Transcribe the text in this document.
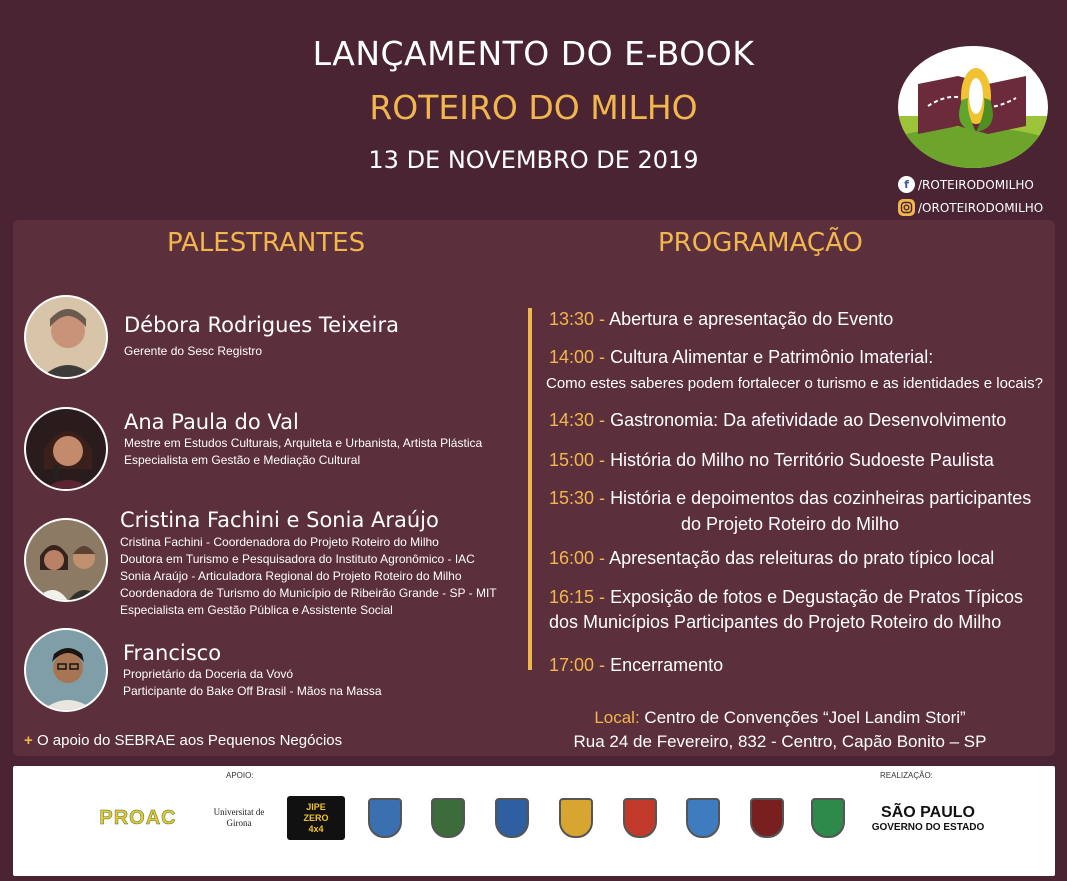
LANÇAMENTO DO E-BOOK
ROTEIRO DO MILHO
13 DE NOVEMBRO DE 2019
f /ROTEIRODOMILHO
/OROTEIRODOMILHO
PALESTRANTES	PROGRAMAÇÃO
Débora Rodrigues Teixeira
Gerente do Sesc Registro
Ana Paula do Val
Mestre em Estudos Culturais, Arquiteta e Urbanista, Artista Plástica
Especialista em Gestão e Mediação Cultural
Cristina Fachini e Sonia Araújo
Cristina Fachini - Coordenadora do Projeto Roteiro do Milho
Doutora em Turismo e Pesquisadora do Instituto Agronômico - IAC
Sonia Araújo - Articuladora Regional do Projeto Roteiro do Milho
Coordenadora de Turismo do Município de Ribeirão Grande - SP - MIT
Especialista em Gestão Pública e Assistente Social
Francisco
Proprietário da Doceria da Vovó
Participante do Bake Off Brasil - Mãos na Massa
+ O apoio do SEBRAE aos Pequenos Negócios
13:30 - Abertura e apresentação do Evento
14:00 - Cultura Alimentar e Patrimônio Imaterial:
Como estes saberes podem fortalecer o turismo e as identidades e locais?
14:30 - Gastronomia: Da afetividade ao Desenvolvimento
15:00 - História do Milho no Território Sudoeste Paulista
15:30 - História e depoimentos das cozinheiras participantes
do Projeto Roteiro do Milho
16:00 - Apresentação das releituras do prato típico local
16:15 - Exposição de fotos e Degustação de Pratos Típicos
dos Municípios Participantes do Projeto Roteiro do Milho
17:00 - Encerramento
Local: Centro de Convenções “Joel Landim Stori”
Rua 24 de Fevereiro, 832 - Centro, Capão Bonito – SP
APOIO:	REALIZAÇÃO:
PROAC	Universitat de Girona
JIPE ZERO 4x4
SÃO PAULO
GOVERNO DO ESTADO
